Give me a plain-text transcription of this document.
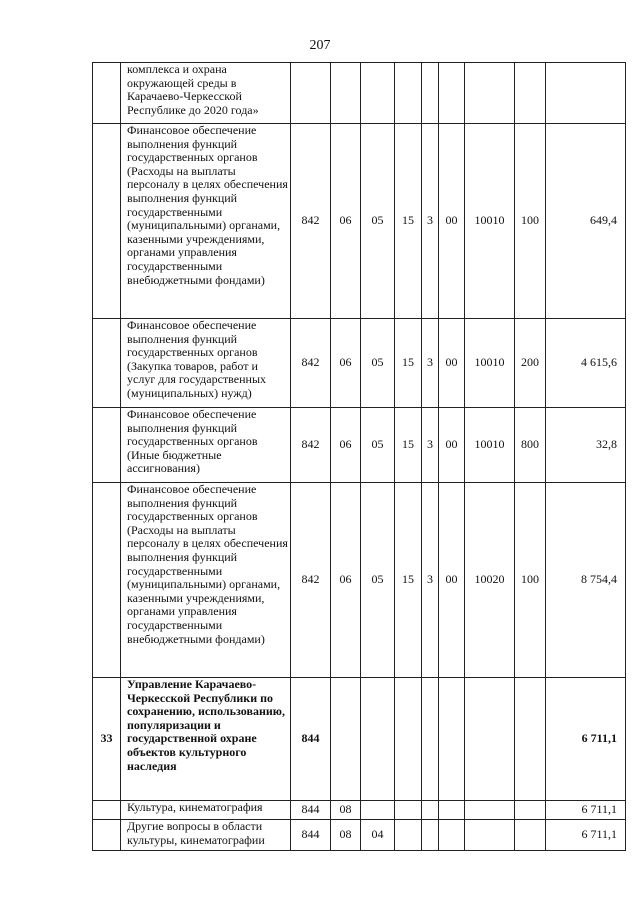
207
	комплекса и охрана окружающей среды в Карачаево-Черкесской Республике до 2020 года»									
	Финансовое обеспечение выполнения функций государственных органов (Расходы на выплаты персоналу в целях обеспечения выполнения функций государственными (муниципальными) органами, казенными учреждениями, органами управления государственными внебюджетными фондами)	842	06	05	15	3	00	10010	100	649,4
	Финансовое обеспечение выполнения функций государственных органов (Закупка товаров, работ и услуг для государственных (муниципальных) нужд)	842	06	05	15	3	00	10010	200	4 615,6
	Финансовое обеспечение выполнения функций государственных органов (Иные бюджетные ассигнования)	842	06	05	15	3	00	10010	800	32,8
	Финансовое обеспечение выполнения функций государственных органов (Расходы на выплаты персоналу в целях обеспечения выполнения функций государственными (муниципальными) органами, казенными учреждениями, органами управления государственными внебюджетными фондами)	842	06	05	15	3	00	10020	100	8 754,4
33	Управление Карачаево-Черкесской Республики по сохранению, использованию, популяризации и государственной охране объектов культурного наследия	844								6 711,1
	Культура, кинематография	844	08							6 711,1
	Другие вопросы в области культуры, кинематографии	844	08	04						6 711,1
